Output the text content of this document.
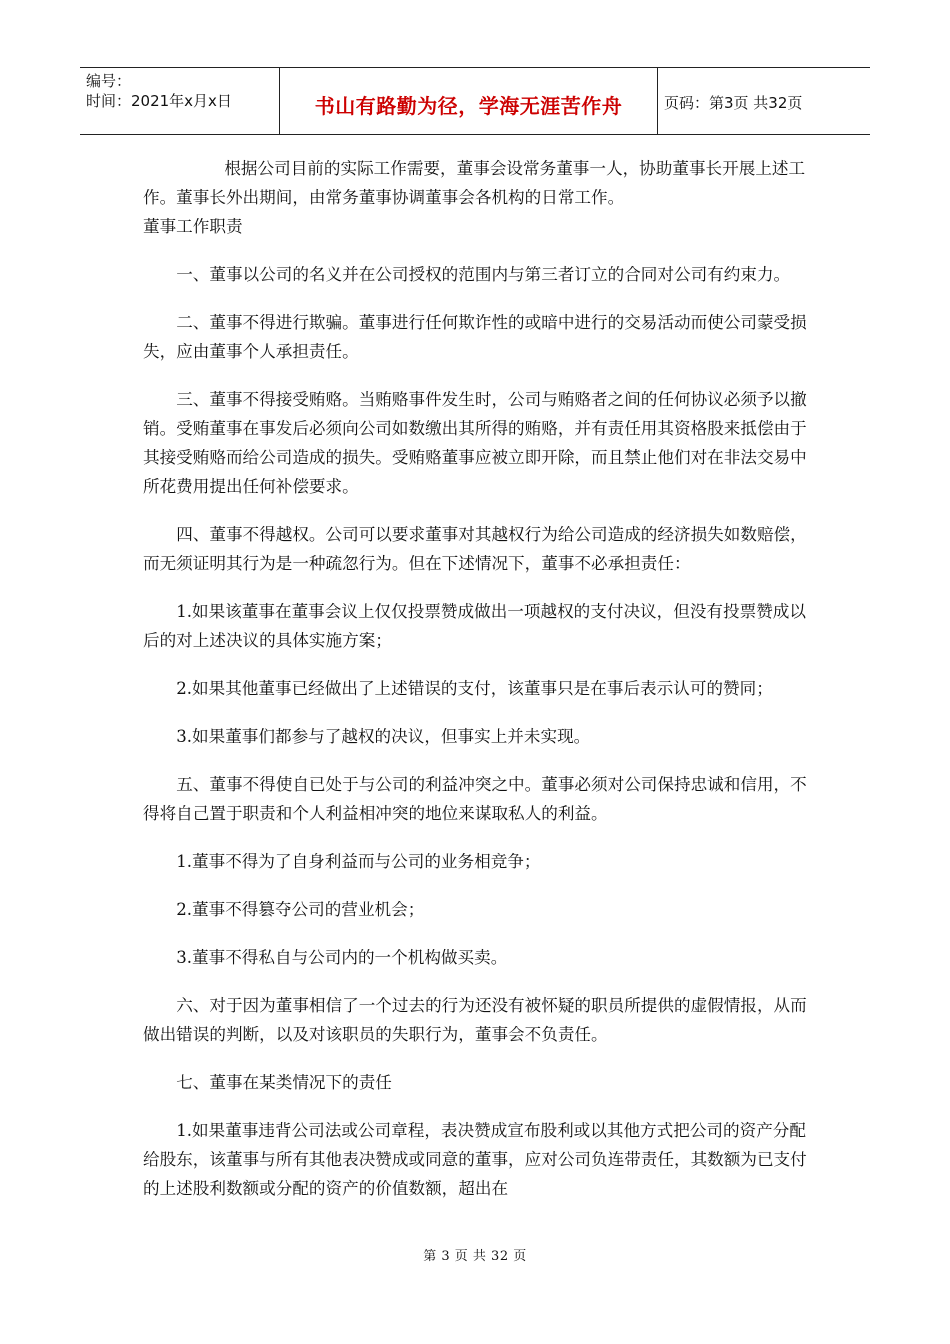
编号：
时间：2021年x月x日	书山有路勤为径，学海无涯苦作舟	页码：第3页 共32页

根据公司目前的实际工作需要，董事会设常务董事一人，协助董事长开展上述工作。董事长外出期间，由常务董事协调董事会各机构的日常工作。

董事工作职责

一、董事以公司的名义并在公司授权的范围内与第三者订立的合同对公司有约束力。

二、董事不得进行欺骗。董事进行任何欺诈性的或暗中进行的交易活动而使公司蒙受损失，应由董事个人承担责任。

三、董事不得接受贿赂。当贿赂事件发生时，公司与贿赂者之间的任何协议必须予以撤销。受贿董事在事发后必须向公司如数缴出其所得的贿赂，并有责任用其资格股来抵偿由于其接受贿赂而给公司造成的损失。受贿赂董事应被立即开除，而且禁止他们对在非法交易中所花费用提出任何补偿要求。

四、董事不得越权。公司可以要求董事对其越权行为给公司造成的经济损失如数赔偿，而无须证明其行为是一种疏忽行为。但在下述情况下，董事不必承担责任：

1.如果该董事在董事会议上仅仅投票赞成做出一项越权的支付决议，但没有投票赞成以后的对上述决议的具体实施方案；

2.如果其他董事已经做出了上述错误的支付，该董事只是在事后表示认可的赞同；

3.如果董事们都参与了越权的决议，但事实上并未实现。

五、董事不得使自已处于与公司的利益冲突之中。董事必须对公司保持忠诚和信用，不得将自己置于职责和个人利益相冲突的地位来谋取私人的利益。

1.董事不得为了自身利益而与公司的业务相竞争；

2.董事不得篡夺公司的营业机会；

3.董事不得私自与公司内的一个机构做买卖。

六、对于因为董事相信了一个过去的行为还没有被怀疑的职员所提供的虚假情报，从而做出错误的判断，以及对该职员的失职行为，董事会不负责任。

七、董事在某类情况下的责任

1.如果董事违背公司法或公司章程，表决赞成宣布股利或以其他方式把公司的资产分配给股东，该董事与所有其他表决赞成或同意的董事，应对公司负连带责任，其数额为已支付的上述股利数额或分配的资产的价值数额，超出在

第 3 页 共 32 页
